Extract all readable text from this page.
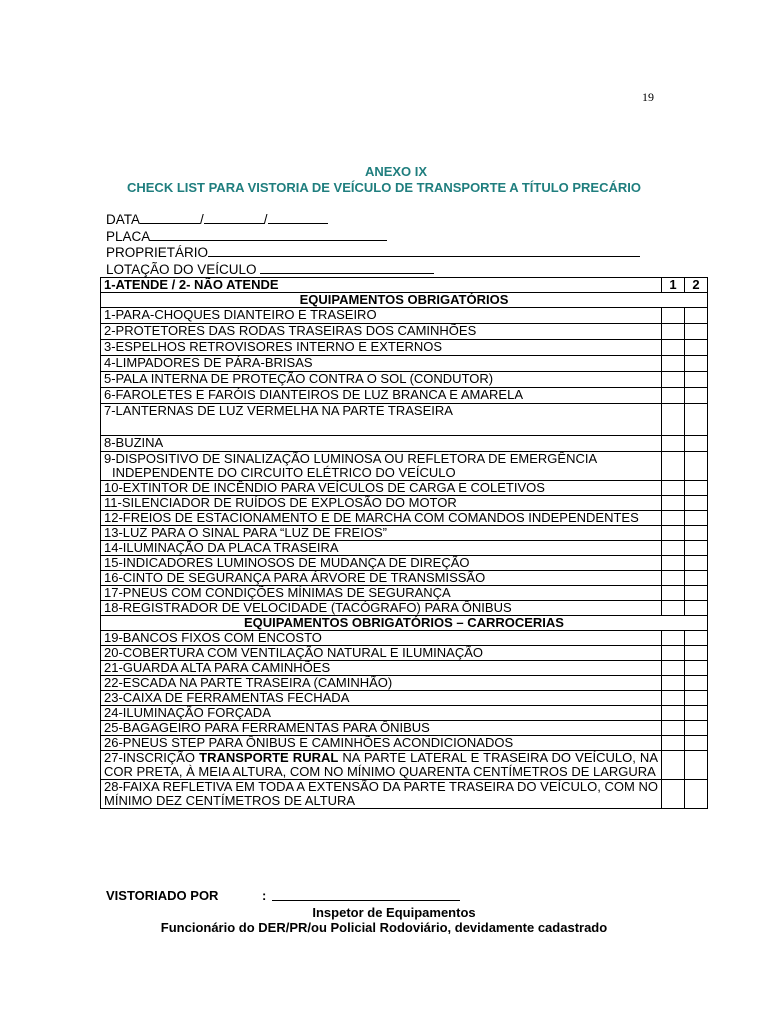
19
ANEXO IX
CHECK LIST PARA VISTORIA DE VEÍCULO DE TRANSPORTE A TÍTULO PRECÁRIO
DATA	/	/
PLACA
PROPRIETÁRIO
LOTAÇÃO DO VEÍCULO
1-ATENDE / 2- NÃO ATENDE	1	2
EQUIPAMENTOS OBRIGATÓRIOS		
1-PARA-CHOQUES DIANTEIRO E TRASEIRO		
2-PROTETORES DAS RODAS TRASEIRAS DOS CAMINHÕES		
3-ESPELHOS RETROVISORES INTERNO E EXTERNOS		
4-LIMPADORES DE PÁRA-BRISAS		
5-PALA INTERNA DE PROTEÇÃO CONTRA O SOL (CONDUTOR)		
6-FAROLETES E FARÓIS DIANTEIROS DE LUZ BRANCA E AMARELA		
7-LANTERNAS DE LUZ VERMELHA NA PARTE TRASEIRA		
8-BUZINA		

9-DISPOSITIVO DE SINALIZAÇÃO LUMINOSA OU REFLETORA DE EMERGÊNCIA
INDEPENDENTE DO CIRCUITO ELÉTRICO DO VEÍCULO		

10-EXTINTOR DE INCÊNDIO PARA VEÍCULOS DE CARGA E COLETIVOS		
11-SILENCIADOR DE RUÍDOS DE EXPLOSÃO DO MOTOR		
12-FREIOS DE ESTACIONAMENTO E DE MARCHA COM COMANDOS INDEPENDENTES		
13-LUZ PARA O SINAL PARA “LUZ DE FREIOS”		
14-ILUMINAÇÃO DA PLACA TRASEIRA		
15-INDICADORES LUMINOSOS DE MUDANÇA DE DIREÇÃO		
16-CINTO DE SEGURANÇA PARA ÁRVORE DE TRANSMISSÃO		
17-PNEUS COM CONDIÇÕES MÍNIMAS DE SEGURANÇA		
18-REGISTRADOR DE VELOCIDADE (TACÓGRAFO) PARA ÔNIBUS		
EQUIPAMENTOS OBRIGATÓRIOS – CARROCERIAS		
19-BANCOS FIXOS COM ENCOSTO		
20-COBERTURA COM VENTILAÇÃO NATURAL E ILUMINAÇÃO		
21-GUARDA ALTA PARA CAMINHÕES		
22-ESCADA NA PARTE TRASEIRA (CAMINHÃO)		
23-CAIXA DE FERRAMENTAS FECHADA		
24-ILUMINAÇÃO FORÇADA		
25-BAGAGEIRO PARA FERRAMENTAS PARA ÔNIBUS		
26-PNEUS STEP PARA ÔNIBUS E CAMINHÕES ACONDICIONADOS		
27-INSCRIÇÃO TRANSPORTE RURAL NA PARTE LATERAL E TRASEIRA DO VEÍCULO, NA COR PRETA, À MEIA ALTURA, COM NO MÍNIMO QUARENTA CENTÍMETROS DE LARGURA		
28-FAIXA REFLETIVA EM TODA A EXTENSÃO DA PARTE TRASEIRA DO VEÍCULO, COM NO MÍNIMO DEZ CENTÍMETROS DE ALTURA		
VISTORIADO POR	:
Inspetor de Equipamentos
Funcionário do DER/PR/ou Policial Rodoviário, devidamente cadastrado
